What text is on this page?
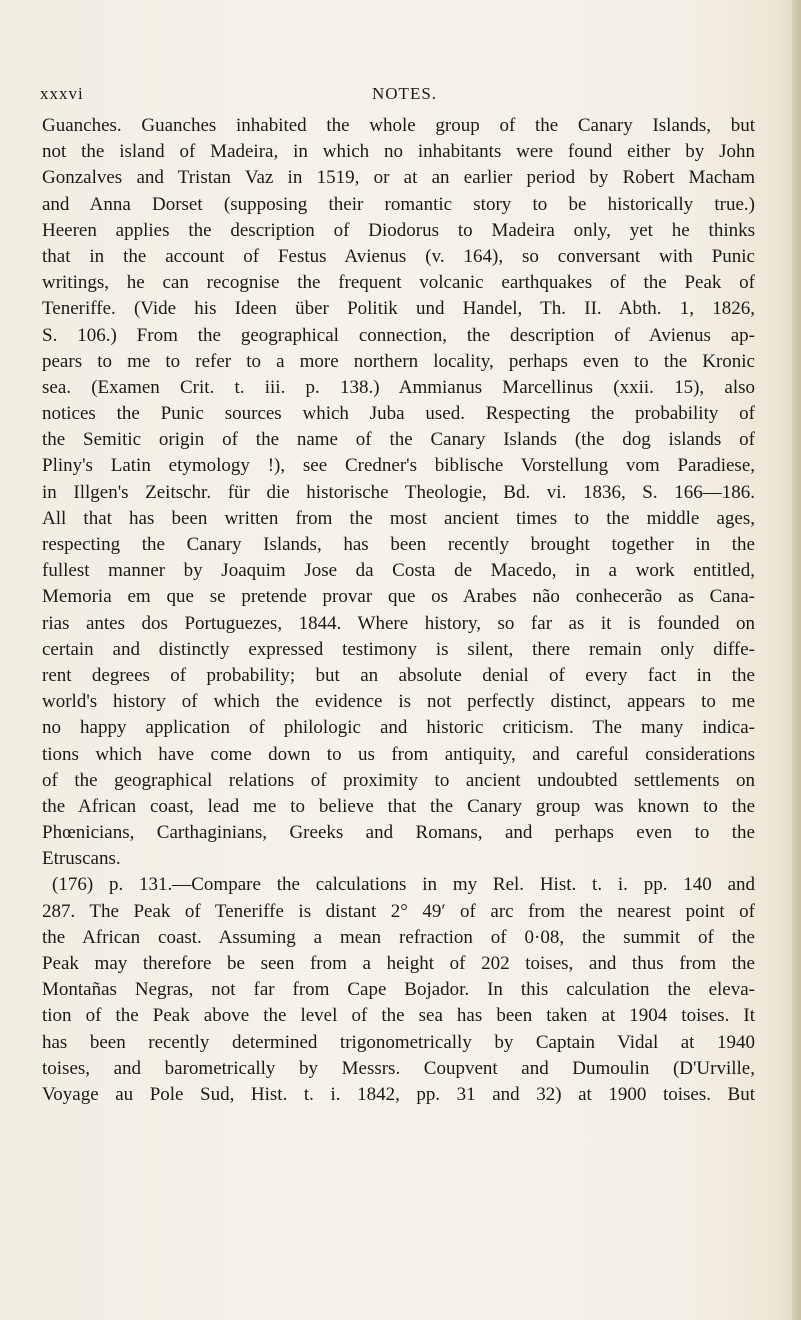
xxxvi	NOTES.
Guanches. Guanches inhabited the whole group of the Canary Islands, but
not the island of Madeira, in which no inhabitants were found either by John
Gonzalves and Tristan Vaz in 1519, or at an earlier period by Robert Macham
and Anna Dorset (supposing their romantic story to be historically true.)
Heeren applies the description of Diodorus to Madeira only, yet he thinks
that in the account of Festus Avienus (v. 164), so conversant with Punic
writings, he can recognise the frequent volcanic earthquakes of the Peak of
Teneriffe. (Vide his Ideen über Politik und Handel, Th. II. Abth. 1, 1826,
S. 106.) From the geographical connection, the description of Avienus ap-
pears to me to refer to a more northern locality, perhaps even to the Kronic
sea. (Examen Crit. t. iii. p. 138.) Ammianus Marcellinus (xxii. 15), also
notices the Punic sources which Juba used. Respecting the probability of
the Semitic origin of the name of the Canary Islands (the dog islands of
Pliny's Latin etymology !), see Credner's biblische Vorstellung vom Paradiese,
in Illgen's Zeitschr. für die historische Theologie, Bd. vi. 1836, S. 166—186.
All that has been written from the most ancient times to the middle ages,
respecting the Canary Islands, has been recently brought together in the
fullest manner by Joaquim Jose da Costa de Macedo, in a work entitled,
Memoria em que se pretende provar que os Arabes não conhecerão as Cana-
rias antes dos Portuguezes, 1844. Where history, so far as it is founded on
certain and distinctly expressed testimony is silent, there remain only diffe-
rent degrees of probability; but an absolute denial of every fact in the
world's history of which the evidence is not perfectly distinct, appears to me
no happy application of philologic and historic criticism. The many indica-
tions which have come down to us from antiquity, and careful considerations
of the geographical relations of proximity to ancient undoubted settlements on
the African coast, lead me to believe that the Canary group was known to the
Phœnicians, Carthaginians, Greeks and Romans, and perhaps even to the
Etruscans.
(176) p. 131.—Compare the calculations in my Rel. Hist. t. i. pp. 140 and
287. The Peak of Teneriffe is distant 2° 49′ of arc from the nearest point of
the African coast. Assuming a mean refraction of 0·08, the summit of the
Peak may therefore be seen from a height of 202 toises, and thus from the
Montañas Negras, not far from Cape Bojador. In this calculation the eleva-
tion of the Peak above the level of the sea has been taken at 1904 toises. It
has been recently determined trigonometrically by Captain Vidal at 1940
toises, and barometrically by Messrs. Coupvent and Dumoulin (D'Urville,
Voyage au Pole Sud, Hist. t. i. 1842, pp. 31 and 32) at 1900 toises. But
